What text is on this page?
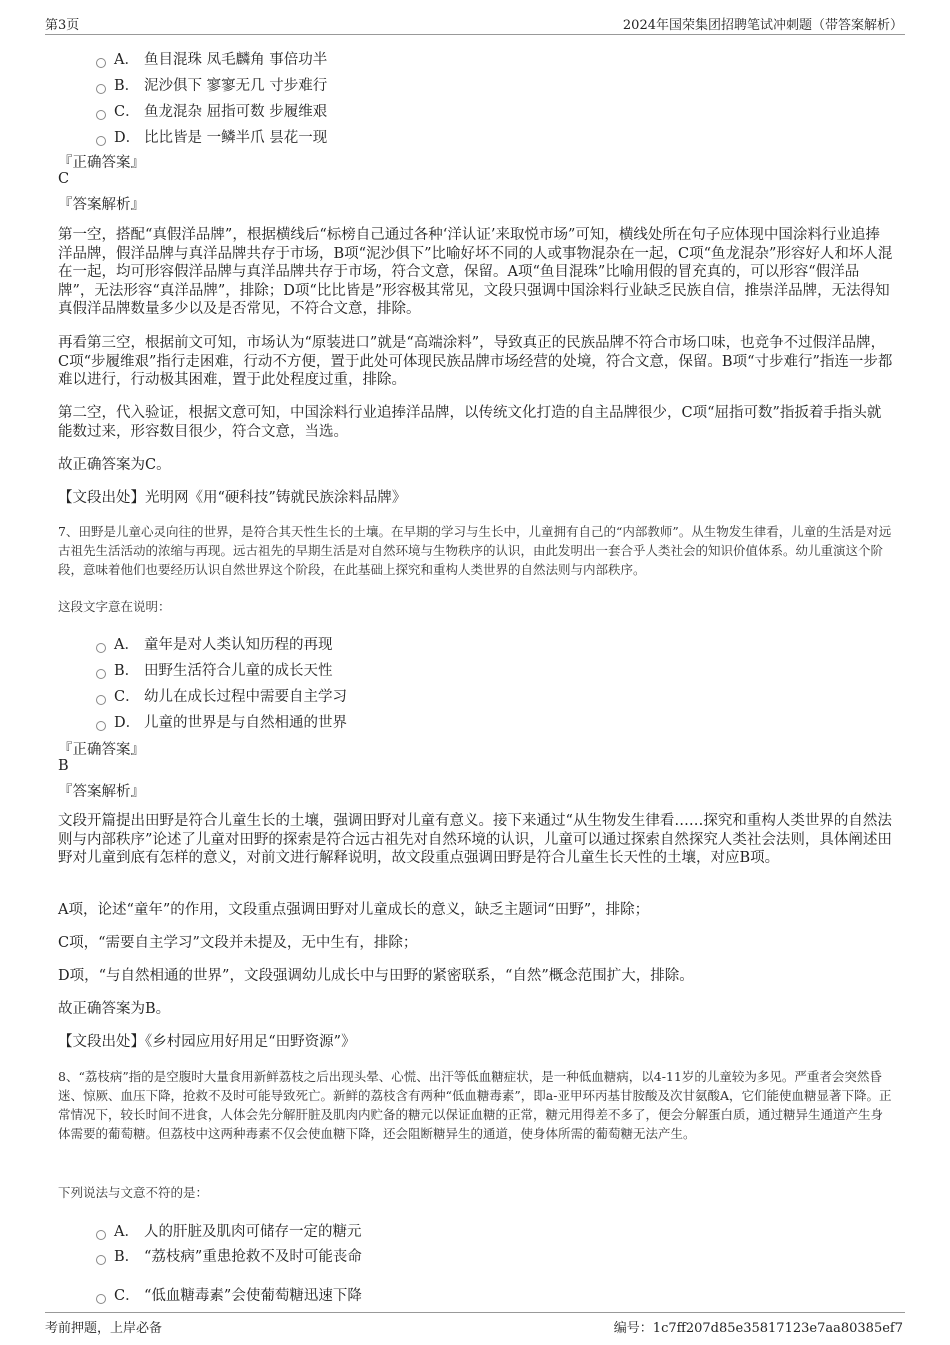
第3页	2024年国荣集团招聘笔试冲刺题（带答案解析）
A． 鱼目混珠 凤毛麟角 事倍功半
B． 泥沙俱下 寥寥无几 寸步难行
C． 鱼龙混杂 屈指可数 步履维艰
D． 比比皆是 一鳞半爪 昙花一现
『正确答案』
C
『答案解析』
第一空，搭配“真假洋品牌”，根据横线后“标榜自己通过各种‘洋认证’来取悦市场”可知，横线处所在句子应体现中国涂料行业追捧洋品牌，假洋品牌与真洋品牌共存于市场，B项“泥沙俱下”比喻好坏不同的人或事物混杂在一起，C项“鱼龙混杂”形容好人和坏人混在一起，均可形容假洋品牌与真洋品牌共存于市场，符合文意，保留。A项“鱼目混珠”比喻用假的冒充真的，可以形容“假洋品牌”，无法形容“真洋品牌”，排除；D项“比比皆是”形容极其常见，文段只强调中国涂料行业缺乏民族自信，推崇洋品牌，无法得知真假洋品牌数量多少以及是否常见，不符合文意，排除。
再看第三空，根据前文可知，市场认为“原装进口”就是“高端涂料”，导致真正的民族品牌不符合市场口味，也竞争不过假洋品牌，C项“步履维艰”指行走困难，行动不方便，置于此处可体现民族品牌市场经营的处境，符合文意，保留。B项“寸步难行”指连一步都难以进行，行动极其困难，置于此处程度过重，排除。
第二空，代入验证，根据文意可知，中国涂料行业追捧洋品牌，以传统文化打造的自主品牌很少，C项“屈指可数”指扳着手指头就能数过来，形容数目很少，符合文意，当选。
故正确答案为C。
【文段出处】光明网《用“硬科技”铸就民族涂料品牌》
7、田野是儿童心灵向往的世界，是符合其天性生长的土壤。在早期的学习与生长中，儿童拥有自己的“内部教师”。从生物发生律看，儿童的生活是对远古祖先生活活动的浓缩与再现。远古祖先的早期生活是对自然环境与生物秩序的认识，由此发明出一套合乎人类社会的知识价值体系。幼儿重演这个阶段，意味着他们也要经历认识自然世界这个阶段，在此基础上探究和重构人类世界的自然法则与内部秩序。
这段文字意在说明：
A． 童年是对人类认知历程的再现
B． 田野生活符合儿童的成长天性
C． 幼儿在成长过程中需要自主学习
D． 儿童的世界是与自然相通的世界
『正确答案』
B
『答案解析』
文段开篇提出田野是符合儿童生长的土壤，强调田野对儿童有意义。接下来通过“从生物发生律看……探究和重构人类世界的自然法则与内部秩序”论述了儿童对田野的探索是符合远古祖先对自然环境的认识，儿童可以通过探索自然探究人类社会法则，具体阐述田野对儿童到底有怎样的意义，对前文进行解释说明，故文段重点强调田野是符合儿童生长天性的土壤，对应B项。
A项，论述“童年”的作用，文段重点强调田野对儿童成长的意义，缺乏主题词“田野”，排除；
C项，“需要自主学习”文段并未提及，无中生有，排除；
D项，“与自然相通的世界”，文段强调幼儿成长中与田野的紧密联系，“自然”概念范围扩大，排除。
故正确答案为B。
【文段出处】《乡村园应用好用足“田野资源”》
8、“荔枝病”指的是空腹时大量食用新鲜荔枝之后出现头晕、心慌、出汗等低血糖症状，是一种低血糖病，以4-11岁的儿童较为多见。严重者会突然昏迷、惊厥、血压下降，抢救不及时可能导致死亡。新鲜的荔枝含有两种“低血糖毒素”，即a-亚甲环丙基甘胺酸及次甘氨酸A，它们能使血糖显著下降。正常情况下，较长时间不进食，人体会先分解肝脏及肌肉内贮备的糖元以保证血糖的正常，糖元用得差不多了，便会分解蛋白质，通过糖异生通道产生身体需要的葡萄糖。但荔枝中这两种毒素不仅会使血糖下降，还会阻断糖异生的通道，使身体所需的葡萄糖无法产生。
下列说法与文意不符的是：
A． 人的肝脏及肌肉可储存一定的糖元
B． “荔枝病”重患抢救不及时可能丧命
C． “低血糖毒素”会使葡萄糖迅速下降
考前押题，上岸必备	编号：1c7ff207d85e35817123e7aa80385ef7
